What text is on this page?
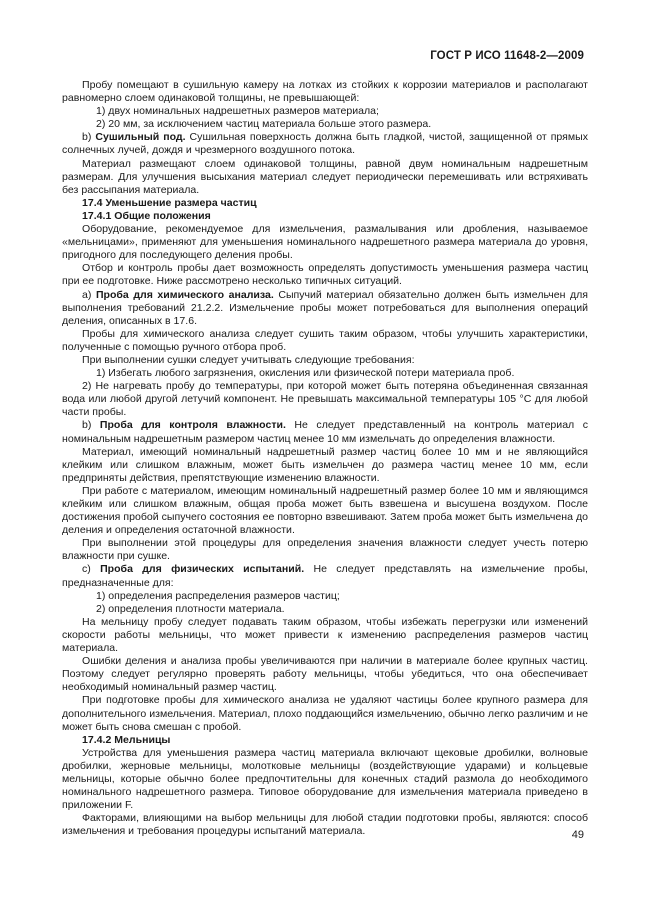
ГОСТ Р ИСО 11648-2—2009

Пробу помещают в сушильную камеру на лотках из стойких к коррозии материалов и располагают равномерно слоем одинаковой толщины, не превышающей:

1) двух номинальных надрешетных размеров материала;

2) 20 мм, за исключением частиц материала больше этого размера.

b) Сушильный под. Сушильная поверхность должна быть гладкой, чистой, защищенной от прямых солнечных лучей, дождя и чрезмерного воздушного потока.

Материал размещают слоем одинаковой толщины, равной двум номинальным надрешетным размерам. Для улучшения высыхания материал следует периодически перемешивать или встряхивать без рассыпания материала.

17.4 Уменьшение размера частиц

17.4.1 Общие положения

Оборудование, рекомендуемое для измельчения, размалывания или дробления, называемое «мельницами», применяют для уменьшения номинального надрешетного размера материала до уровня, пригодного для последующего деления пробы.

Отбор и контроль пробы дает возможность определять допустимость уменьшения размера частиц при ее подготовке. Ниже рассмотрено несколько типичных ситуаций.

a) Проба для химического анализа. Сыпучий материал обязательно должен быть измельчен для выполнения требований 21.2.2. Измельчение пробы может потребоваться для выполнения операций деления, описанных в 17.6.

Пробы для химического анализа следует сушить таким образом, чтобы улучшить характеристики, полученные с помощью ручного отбора проб.

При выполнении сушки следует учитывать следующие требования:

1) Избегать любого загрязнения, окисления или физической потери материала проб.

2) Не нагревать пробу до температуры, при которой может быть потеряна объединенная связанная вода или любой другой летучий компонент. Не превышать максимальной температуры 105 °C для любой части пробы.

b) Проба для контроля влажности. Не следует представленный на контроль материал с номинальным надрешетным размером частиц менее 10 мм измельчать до определения влажности.

Материал, имеющий номинальный надрешетный размер частиц более 10 мм и не являющийся клейким или слишком влажным, может быть измельчен до размера частиц менее 10 мм, если предприняты действия, препятствующие изменению влажности.

При работе с материалом, имеющим номинальный надрешетный размер более 10 мм и являющимся клейким или слишком влажным, общая проба может быть взвешена и высушена воздухом. После достижения пробой сыпучего состояния ее повторно взвешивают. Затем проба может быть измельчена до деления и определения остаточной влажности.

При выполнении этой процедуры для определения значения влажности следует учесть потерю влажности при сушке.

c) Проба для физических испытаний. Не следует представлять на измельчение пробы, предназначенные для:

1) определения распределения размеров частиц;

2) определения плотности материала.

На мельницу пробу следует подавать таким образом, чтобы избежать перегрузки или изменений скорости работы мельницы, что может привести к изменению распределения размеров частиц материала.

Ошибки деления и анализа пробы увеличиваются при наличии в материале более крупных частиц. Поэтому следует регулярно проверять работу мельницы, чтобы убедиться, что она обеспечивает необходимый номинальный размер частиц.

При подготовке пробы для химического анализа не удаляют частицы более крупного размера для дополнительного измельчения. Материал, плохо поддающийся измельчению, обычно легко различим и не может быть снова смешан с пробой.

17.4.2 Мельницы

Устройства для уменьшения размера частиц материала включают щековые дробилки, волновые дробилки, жерновые мельницы, молотковые мельницы (воздействующие ударами) и кольцевые мельницы, которые обычно более предпочтительны для конечных стадий размола до необходимого номинального надрешетного размера. Типовое оборудование для измельчения материала приведено в приложении F.

Факторами, влияющими на выбор мельницы для любой стадии подготовки пробы, являются: способ измельчения и требования процедуры испытаний материала.	49
